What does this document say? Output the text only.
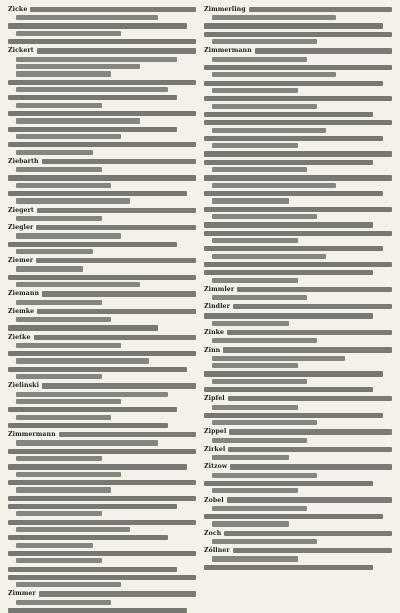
Zicke
Zickert
Ziebarth
Ziegert
Ziegler
Ziemer
Ziemann
Ziemke
Zietke
Zielinski
Zimmermann
Zimmer
Zimmerling
Zimmermann
Zimmler
Zindler
Zinke
Zinn
Zipfel
Zippel
Zirkel
Zitzow
Zobel
Zoch
Zöllner
